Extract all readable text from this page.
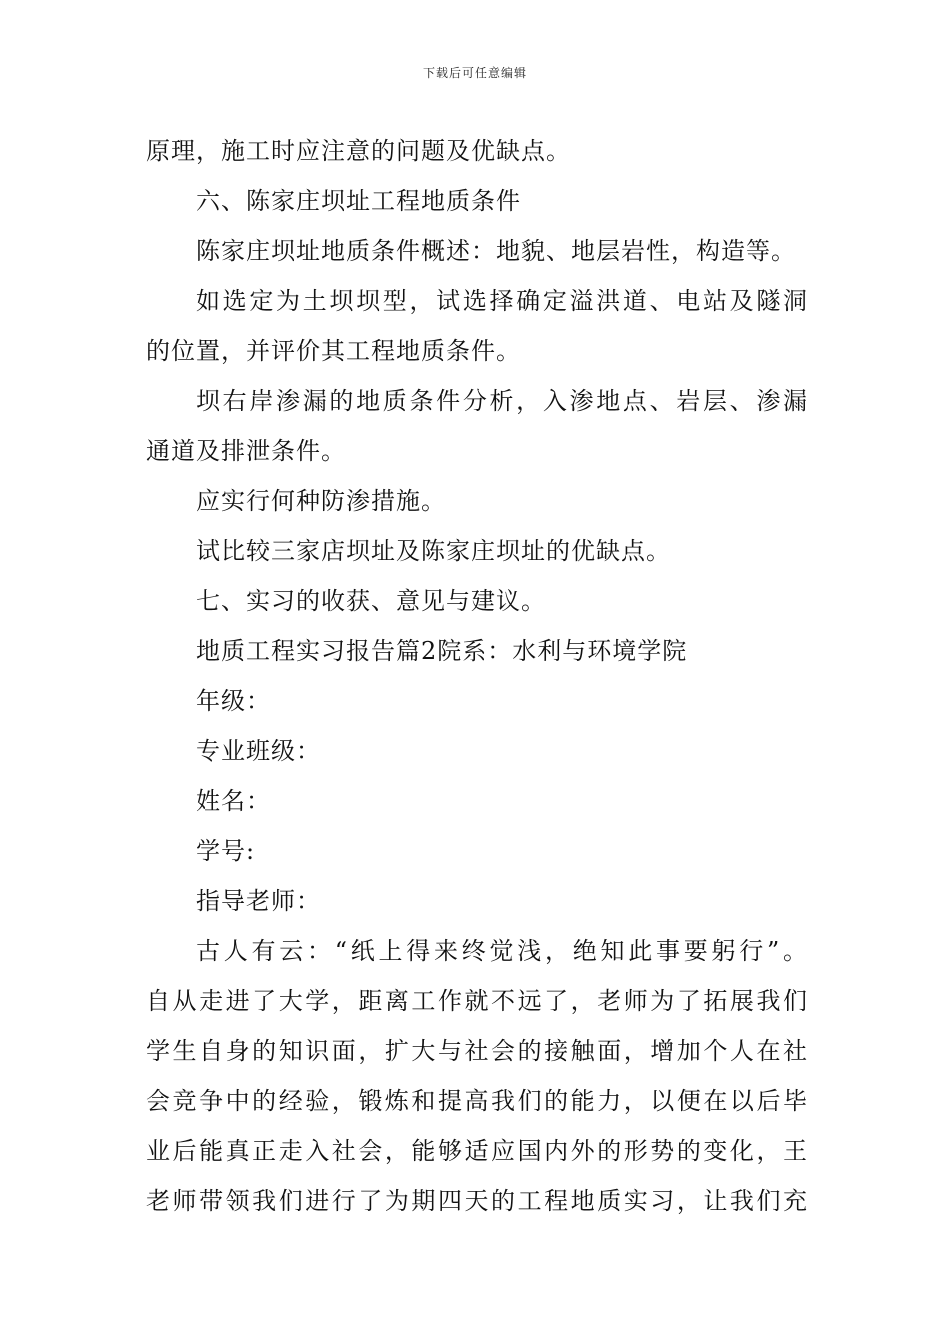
下载后可任意编辑
原理，施工时应注意的问题及优缺点。
六、陈家庄坝址工程地质条件
陈家庄坝址地质条件概述：地貌、地层岩性，构造等。
如选定为土坝坝型，试选择确定溢洪道、电站及隧洞
的位置，并评价其工程地质条件。
坝右岸渗漏的地质条件分析，入渗地点、岩层、渗漏
通道及排泄条件。
应实行何种防渗措施。
试比较三家店坝址及陈家庄坝址的优缺点。
七、实习的收获、意见与建议。
地质工程实习报告篇2院系：水利与环境学院
年级：
专业班级：
姓名：
学号:
指导老师：
古人有云：“纸上得来终觉浅，绝知此事要躬行”。
自从走进了大学，距离工作就不远了，老师为了拓展我们
学生自身的知识面，扩大与社会的接触面，增加个人在社
会竞争中的经验，锻炼和提高我们的能力，以便在以后毕
业后能真正走入社会，能够适应国内外的形势的变化，王
老师带领我们进行了为期四天的工程地质实习，让我们充
